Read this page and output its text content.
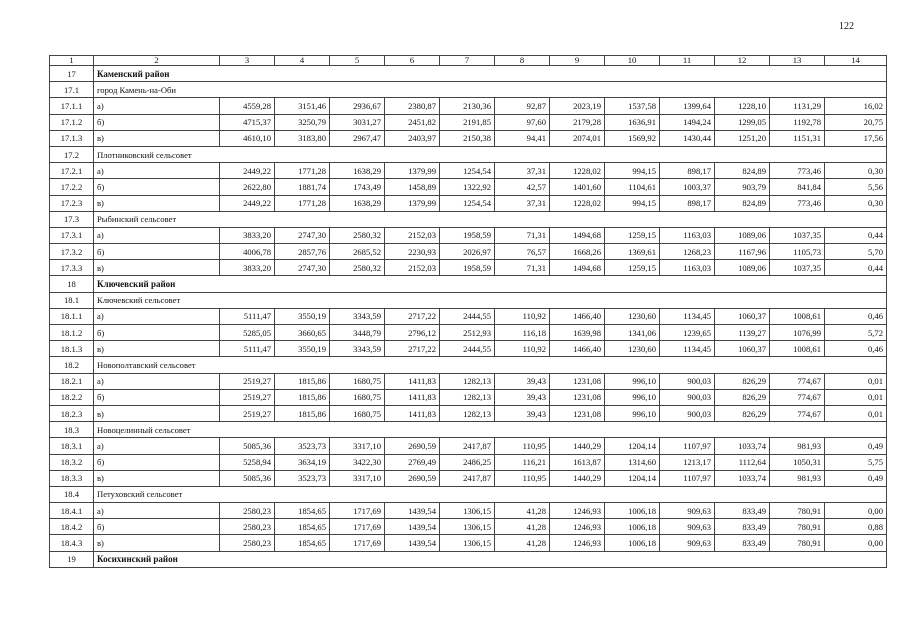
122
1	2	3	4	5	6	7	8	9	10	11	12	13	14
17	Каменский район												
17.1	город Камень-на-Оби												
17.1.1	а)	4559,28	3151,46	2936,67	2380,87	2130,36	92,87	2023,19	1537,58	1399,64	1228,10	1131,29	16,02
17.1.2	б)	4715,37	3250,79	3031,27	2451,82	2191,85	97,60	2179,28	1636,91	1494,24	1299,05	1192,78	20,75
17.1.3	в)	4610,10	3183,80	2967,47	2403,97	2150,38	94,41	2074,01	1569,92	1430,44	1251,20	1151,31	17,56
17.2	Плотниковский сельсовет												
17.2.1	а)	2449,22	1771,28	1638,29	1379,99	1254,54	37,31	1228,02	994,15	898,17	824,89	773,46	0,30
17.2.2	б)	2622,80	1881,74	1743,49	1458,89	1322,92	42,57	1401,60	1104,61	1003,37	903,79	841,84	5,56
17.2.3	в)	2449,22	1771,28	1638,29	1379,99	1254,54	37,31	1228,02	994,15	898,17	824,89	773,46	0,30
17.3	Рыбинский сельсовет												
17.3.1	а)	3833,20	2747,30	2580,32	2152,03	1958,59	71,31	1494,68	1259,15	1163,03	1089,06	1037,35	0,44
17.3.2	б)	4006,78	2857,76	2685,52	2230,93	2026,97	76,57	1668,26	1369,61	1268,23	1167,96	1105,73	5,70
17.3.3	в)	3833,20	2747,30	2580,32	2152,03	1958,59	71,31	1494,68	1259,15	1163,03	1089,06	1037,35	0,44
18	Ключевский район												
18.1	Ключевский сельсовет												
18.1.1	а)	5111,47	3550,19	3343,59	2717,22	2444,55	110,92	1466,40	1230,60	1134,45	1060,37	1008,61	0,46
18.1.2	б)	5285,05	3660,65	3448,79	2796,12	2512,93	116,18	1639,98	1341,06	1239,65	1139,27	1076,99	5,72
18.1.3	в)	5111,47	3550,19	3343,59	2717,22	2444,55	110,92	1466,40	1230,60	1134,45	1060,37	1008,61	0,46
18.2	Новополтавский сельсовет												
18.2.1	а)	2519,27	1815,86	1680,75	1411,83	1282,13	39,43	1231,08	996,10	900,03	826,29	774,67	0,01
18.2.2	б)	2519,27	1815,86	1680,75	1411,83	1282,13	39,43	1231,08	996,10	900,03	826,29	774,67	0,01
18.2.3	в)	2519,27	1815,86	1680,75	1411,83	1282,13	39,43	1231,08	996,10	900,03	826,29	774,67	0,01
18.3	Новоцелинный сельсовет												
18.3.1	а)	5085,36	3523,73	3317,10	2690,59	2417,87	110,95	1440,29	1204,14	1107,97	1033,74	981,93	0,49
18.3.2	б)	5258,94	3634,19	3422,30	2769,49	2486,25	116,21	1613,87	1314,60	1213,17	1112,64	1050,31	5,75
18.3.3	в)	5085,36	3523,73	3317,10	2690,59	2417,87	110,95	1440,29	1204,14	1107,97	1033,74	981,93	0,49
18.4	Петуховский сельсовет												
18.4.1	а)	2580,23	1854,65	1717,69	1439,54	1306,15	41,28	1246,93	1006,18	909,63	833,49	780,91	0,00
18.4.2	б)	2580,23	1854,65	1717,69	1439,54	1306,15	41,28	1246,93	1006,18	909,63	833,49	780,91	0,88
18.4.3	в)	2580,23	1854,65	1717,69	1439,54	1306,15	41,28	1246,93	1006,18	909,63	833,49	780,91	0,00
19	Косихинский район												
